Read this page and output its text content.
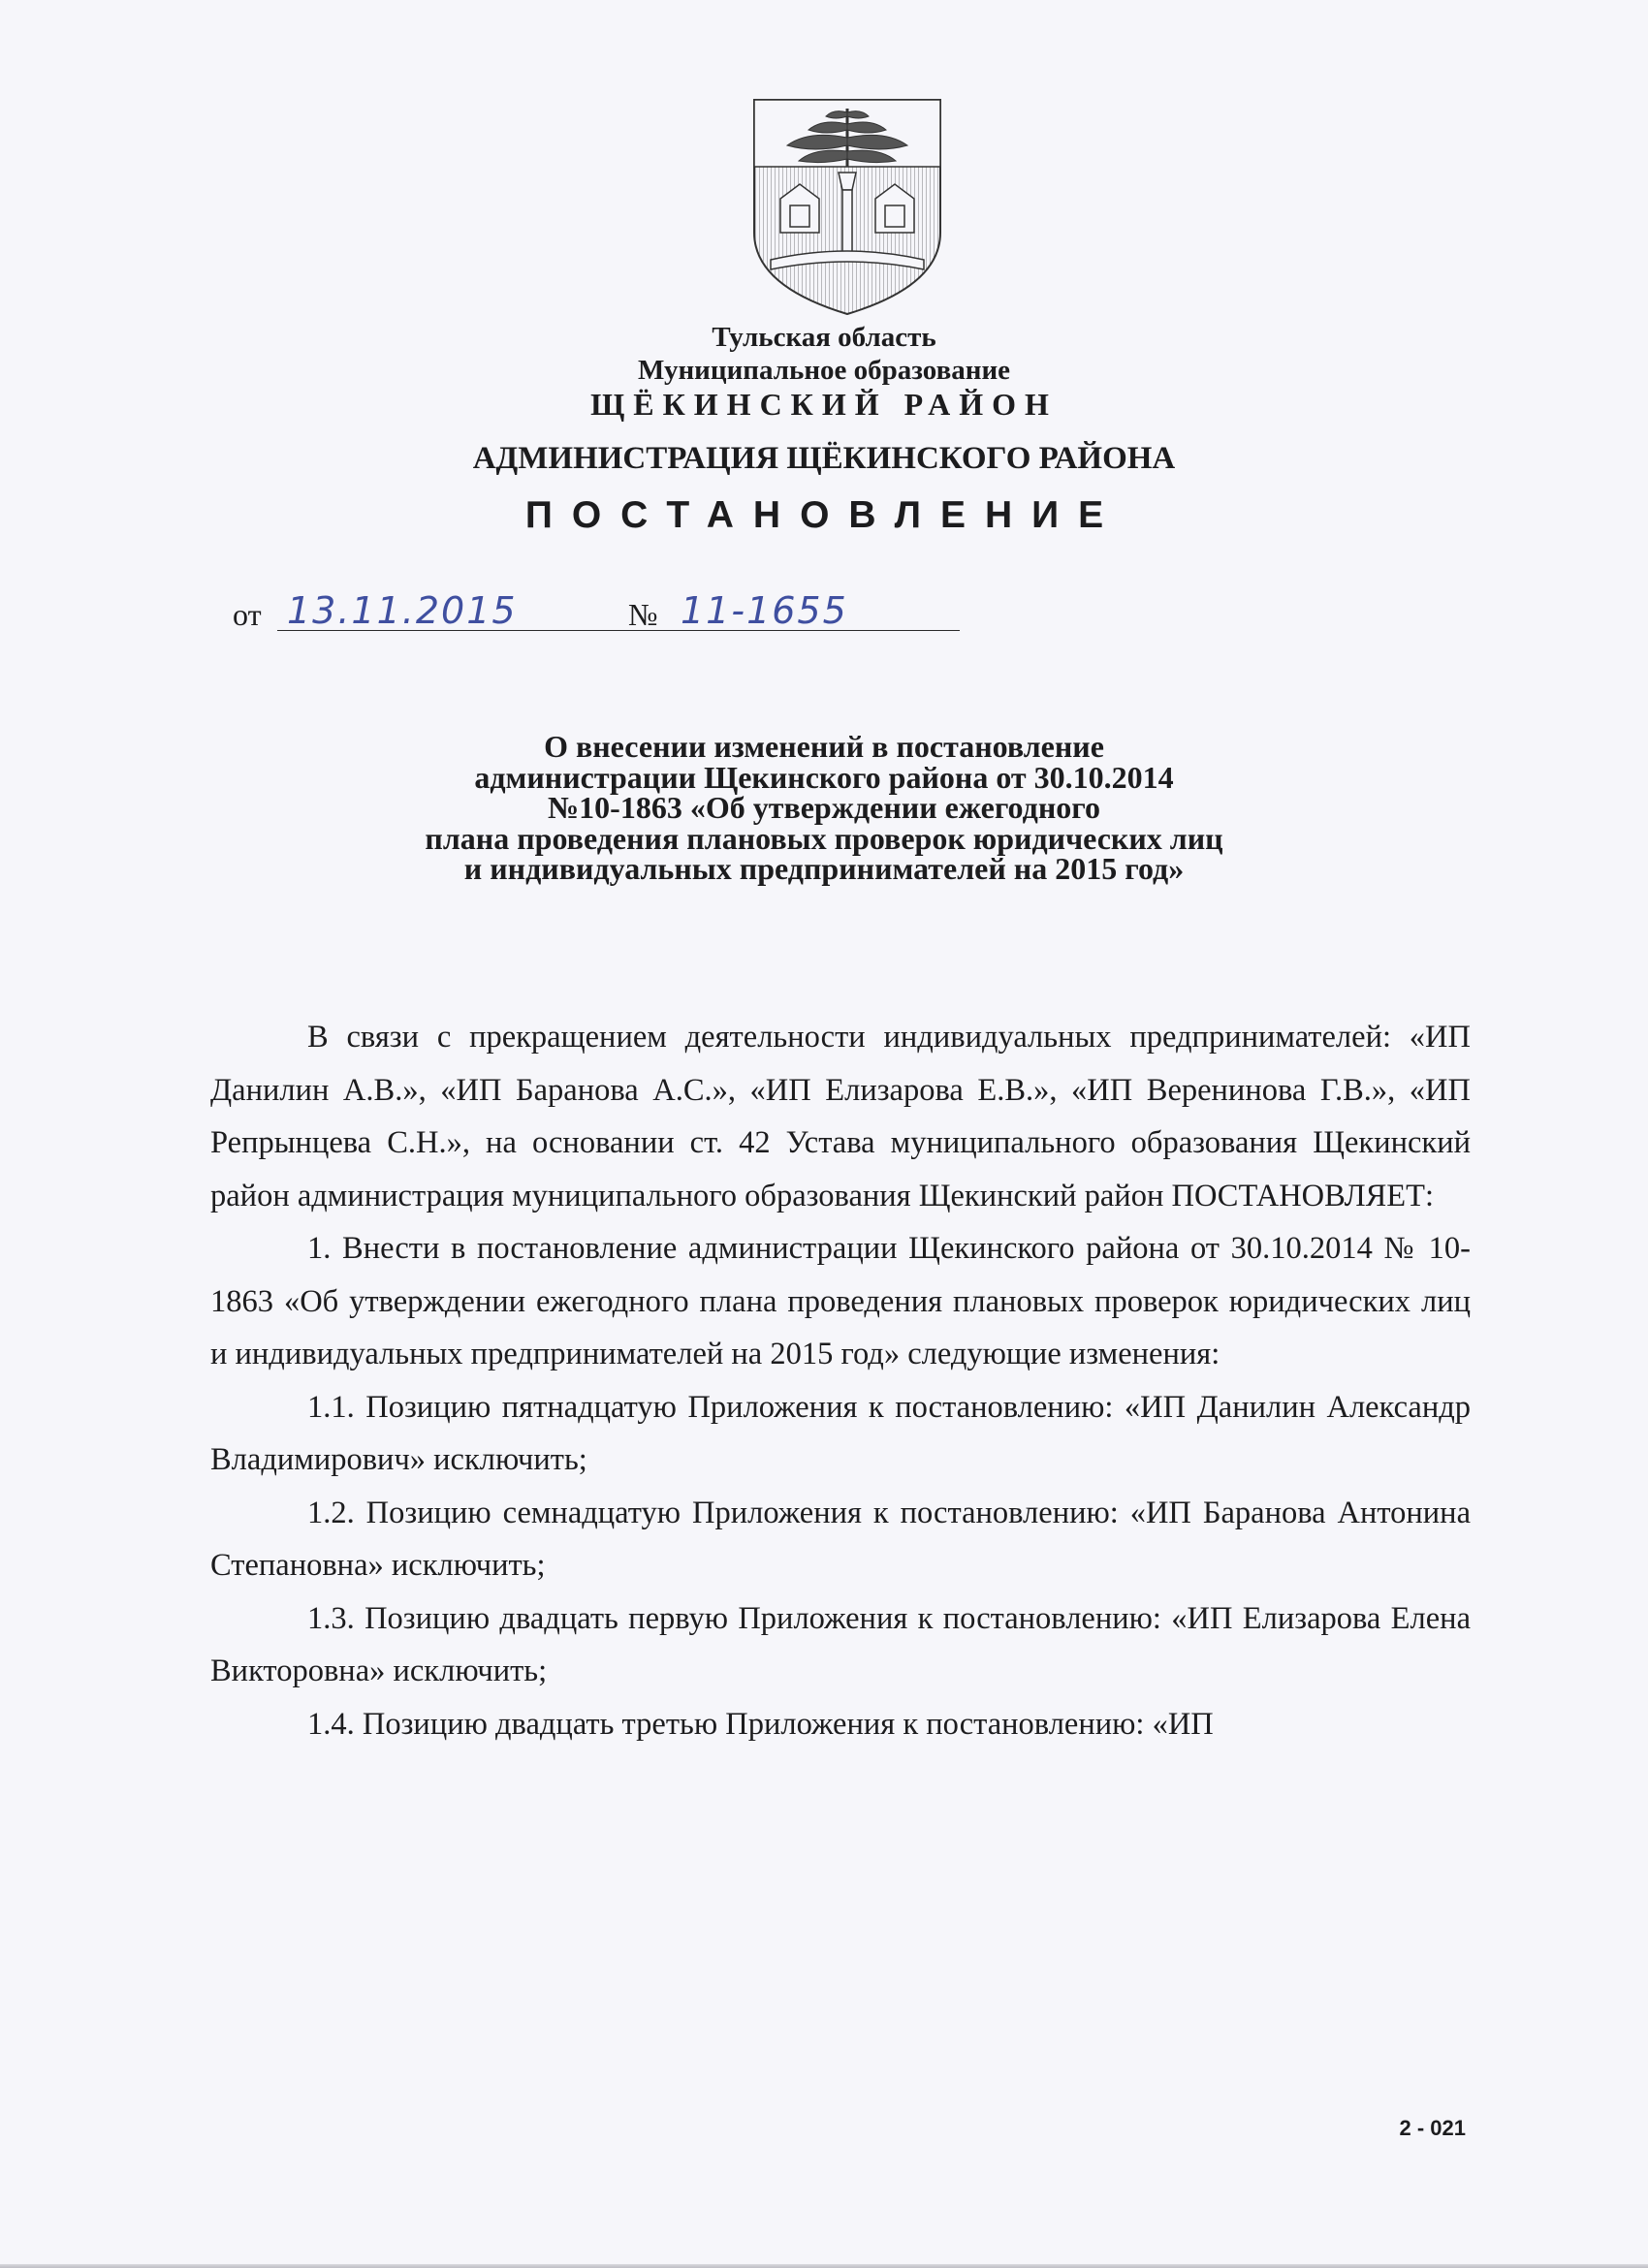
Тульская область
Муниципальное образование
ЩЁКИНСКИЙ РАЙОН
АДМИНИСТРАЦИЯ ЩЁКИНСКОГО РАЙОНА
ПОСТАНОВЛЕНИЕ
от 13.11.2015	№ 11-1655
О внесении изменений в постановление
администрации Щекинского района от 30.10.2014
№10-1863 «Об утверждении ежегодного
плана проведения плановых проверок юридических лиц
и индивидуальных предпринимателей на 2015 год»

В связи с прекращением деятельности индивидуальных предпринимателей: «ИП Данилин А.В.», «ИП Баранова А.С.», «ИП Елизарова Е.В.», «ИП Веренинова Г.В.», «ИП Репрынцева С.Н.», на основании ст. 42 Устава муниципального образования Щекинский район администрация муниципального образования Щекинский район ПОСТАНОВЛЯЕТ:

1. Внести в постановление администрации Щекинского района от 30.10.2014 № 10-1863 «Об утверждении ежегодного плана проведения плановых проверок юридических лиц и индивидуальных предпринимателей на 2015 год» следующие изменения:

1.1. Позицию пятнадцатую Приложения к постановлению: «ИП Данилин Александр Владимирович» исключить;

1.2. Позицию семнадцатую Приложения к постановлению: «ИП Баранова Антонина Степановна» исключить;

1.3. Позицию двадцать первую Приложения к постановлению: «ИП Елизарова Елена Викторовна» исключить;

1.4. Позицию двадцать третью Приложения к постановлению: «ИП

2 - 021
